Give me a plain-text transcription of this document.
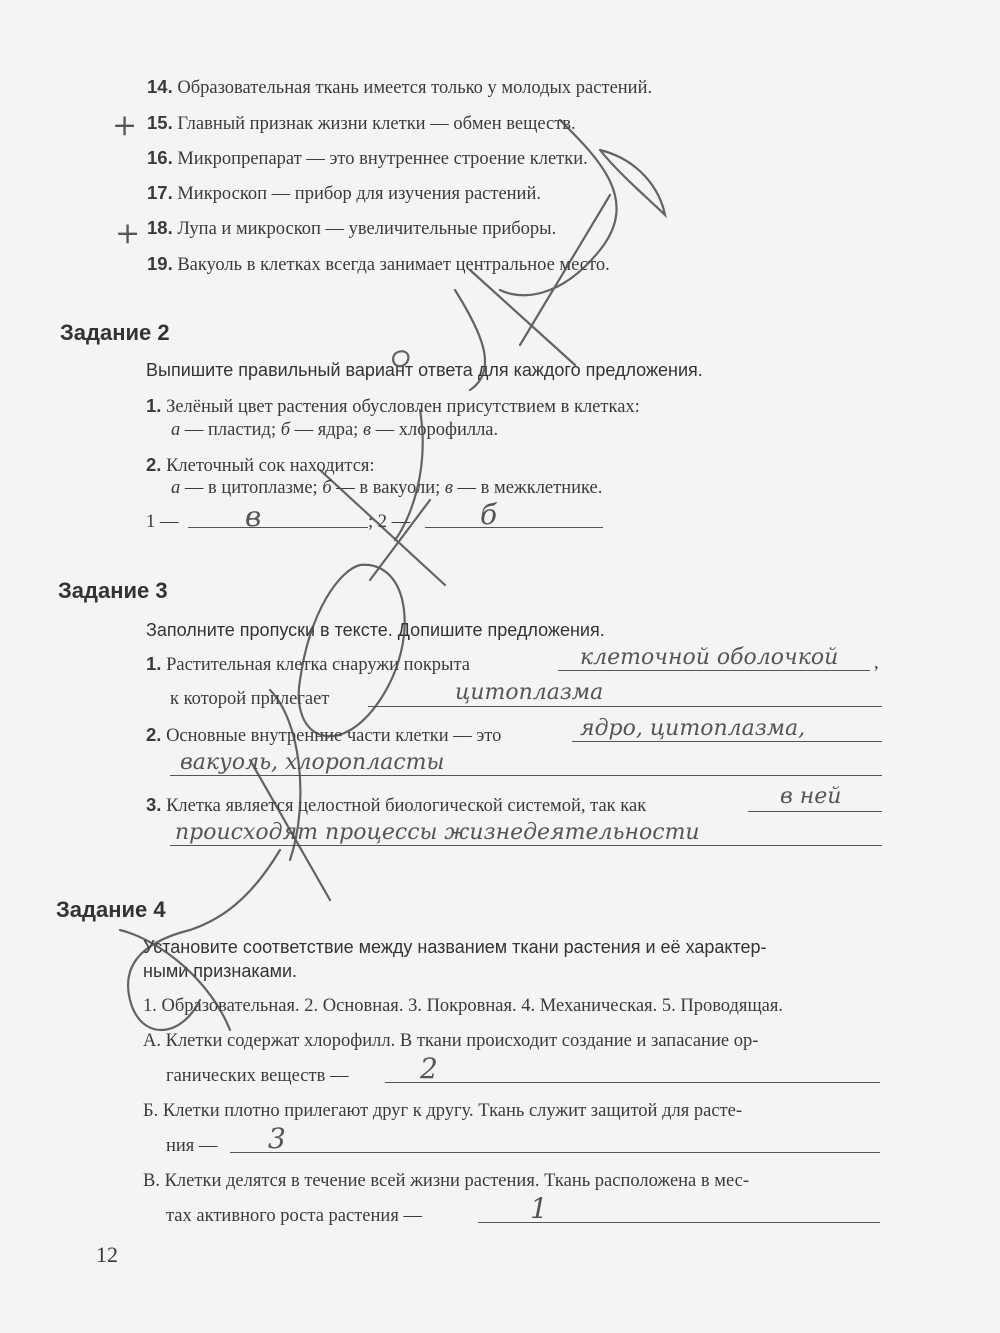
14. Образовательная ткань имеется только у молодых растений.
+ 15. Главный признак жизни клетки — обмен веществ.
16. Микропрепарат — это внутреннее строение клетки.
17. Микроскоп — прибор для изучения растений.
+ 18. Лупа и микроскоп — увеличительные приборы.
19. Вакуоль в клетках всегда занимает центральное место.
Задание 2
Выпишите правильный вариант ответа для каждого предложения.
1. Зелёный цвет растения обусловлен присутствием в клетках:
а — пластид; б — ядра; в — хлорофилла.
2. Клеточный сок находится:
а — в цитоплазме; б — в вакуоли; в — в межклетнике.
1 — в	; 2 — б
Задание 3
Заполните пропуски в тексте. Допишите предложения.
1. Растительная клетка снаружи покрыта	клеточной оболочкой ,
к которой прилегает	цитоплазма
2. Основные внутренние части клетки — это	ядро, цитоплазма,
вакуоль, хлоропласты
3. Клетка является целостной биологической системой, так как	в ней
происходят процессы жизнедеятельности
Задание 4
Установите соответствие между названием ткани растения и её характер-
ными признаками.
1. Образовательная. 2. Основная. 3. Покровная. 4. Механическая. 5. Проводящая.
А. Клетки содержат хлорофилл. В ткани происходит создание и запасание ор-
ганических веществ —	2
Б. Клетки плотно прилегают друг к другу. Ткань служит защитой для расте-
ния — 3
В. Клетки делятся в течение всей жизни растения. Ткань расположена в мес-
тах активного роста растения —	1
12
